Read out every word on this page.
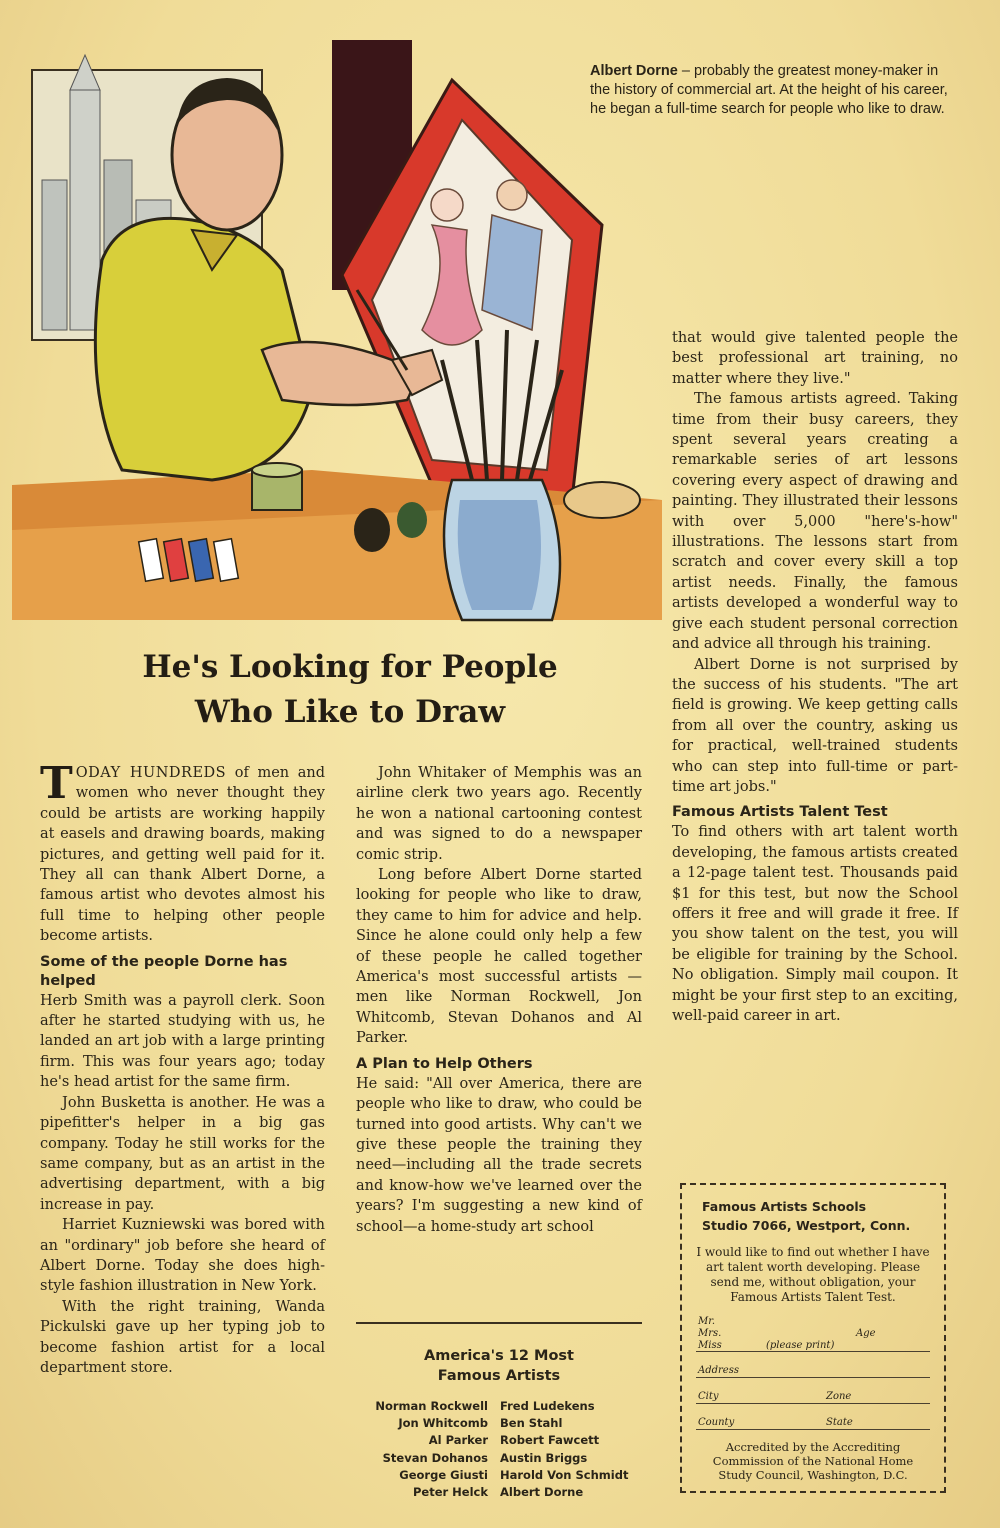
Albert Dorne – probably the greatest money-maker in the history of commercial art. At the height of his career, he began a full-time search for people who like to draw.
He's Looking for People
Who Like to Draw

TODAY HUNDREDS of men and women who never thought they could be artists are working happily at easels and drawing boards, making pictures, and getting well paid for it. They all can thank Albert Dorne, a famous artist who devotes almost his full time to helping other people become artists.

Some of the people Dorne has helped

Herb Smith was a payroll clerk. Soon after he started studying with us, he landed an art job with a large printing firm. This was four years ago; today he's head artist for the same firm.

John Busketta is another. He was a pipefitter's helper in a big gas company. Today he still works for the same company, but as an artist in the advertising department, with a big increase in pay.

Harriet Kuzniewski was bored with an "ordinary" job before she heard of Albert Dorne. Today she does high-style fashion illustration in New York.

With the right training, Wanda Pickulski gave up her typing job to become fashion artist for a local department store.

John Whitaker of Memphis was an airline clerk two years ago. Recently he won a national cartooning contest and was signed to do a newspaper comic strip.

Long before Albert Dorne started looking for people who like to draw, they came to him for advice and help. Since he alone could only help a few of these people he called together America's most successful artists —men like Norman Rockwell, Jon Whitcomb, Stevan Dohanos and Al Parker.

A Plan to Help Others

He said: "All over America, there are people who like to draw, who could be turned into good artists. Why can't we give these people the training they need—including all the trade secrets and know-how we've learned over the years? I'm suggesting a new kind of school—a home-study art school

America's 12 Most
Famous Artists
Norman Rockwell Fred Ludekens
Jon Whitcomb Ben Stahl
Al Parker Robert Fawcett
Stevan Dohanos Austin Briggs
George Giusti Harold Von Schmidt
Peter Helck Albert Dorne

that would give talented people the best professional art training, no matter where they live."

The famous artists agreed. Taking time from their busy careers, they spent several years creating a remarkable series of art lessons covering every aspect of drawing and painting. They illustrated their lessons with over 5,000 "here's-how" illustrations. The lessons start from scratch and cover every skill a top artist needs. Finally, the famous artists developed a wonderful way to give each student personal correction and advice all through his training.

Albert Dorne is not surprised by the success of his students. "The art field is growing. We keep getting calls from all over the country, asking us for practical, well-trained students who can step into full-time or part-time art jobs."

Famous Artists Talent Test

To find others with art talent worth developing, the famous artists created a 12-page talent test. Thousands paid $1 for this test, but now the School offers it free and will grade it free. If you show talent on the test, you will be eligible for training by the School. No obligation. Simply mail coupon. It might be your first step to an exciting, well-paid career in art.

Famous Artists Schools
Studio 7066, Westport, Conn.
I would like to find out whether I have art talent worth developing. Please send me, without obligation, your Famous Artists Talent Test.
Mr.
Mrs.
Miss
Age
(please print)
Address
City	Zone
County	State
Accredited by the Accrediting Commission of the National Home Study Council, Washington, D.C.
